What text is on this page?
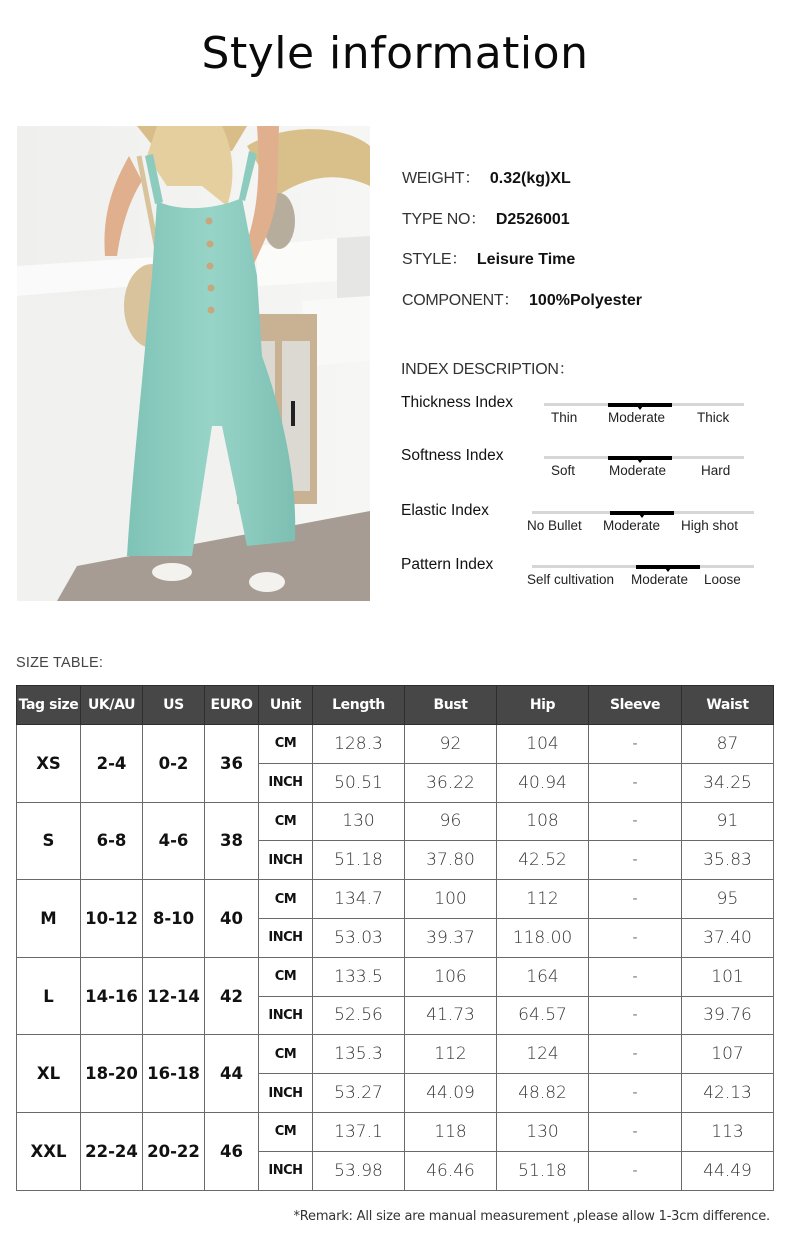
Style information
WEIGHT： 0.32(kg)XL
TYPE NO： D2526001
STYLE： Leisure Time
COMPONENT： 100%Polyester
INDEX DESCRIPTION：
Thickness Index
Thin Moderate Thick
Softness Index
Soft	Moderate	Hard
Elastic Index
No Bullet Moderate High shot
Pattern Index
Self cultivation Moderate Loose
SIZE TABLE:
Tag size	UK/AU	US	EURO	Unit	Length	Bust	Hip	Sleeve	Waist
XS	2-4	0-2	36	CM	128.3	92	104	-	87
				INCH	50.51	36.22	40.94	-	34.25
S	6-8	4-6	38	CM	130	96	108	-	91
				INCH	51.18	37.80	42.52	-	35.83
M	10-12	8-10	40	CM	134.7	100	112	-	95
				INCH	53.03	39.37	118.00	-	37.40
L	14-16	12-14	42	CM	133.5	106	164	-	101
				INCH	52.56	41.73	64.57	-	39.76
XL	18-20	16-18	44	CM	135.3	112	124	-	107
				INCH	53.27	44.09	48.82	-	42.13
XXL	22-24	20-22	46	CM	137.1	118	130	-	113
				INCH	53.98	46.46	51.18	-	44.49
*Remark: All size are manual measurement ,please allow 1-3cm difference.
